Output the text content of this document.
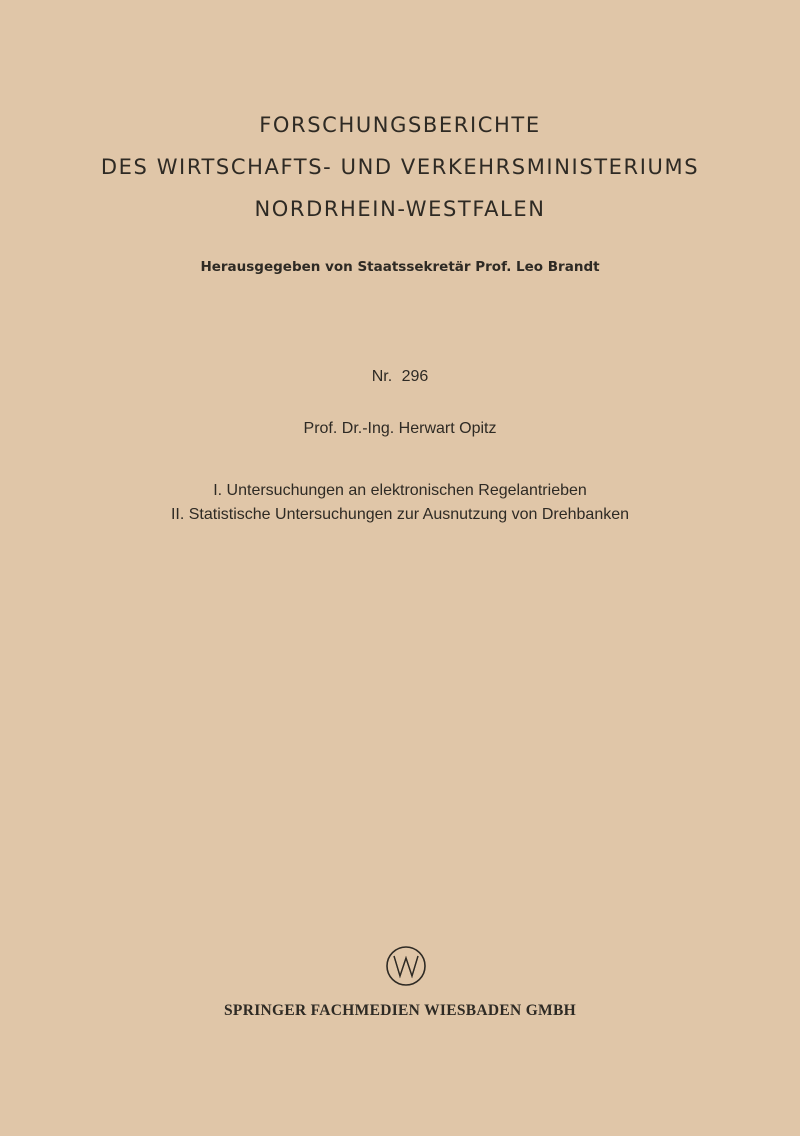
FORSCHUNGSBERICHTE
DES WIRTSCHAFTS- UND VERKEHRSMINISTERIUMS
NORDRHEIN-WESTFALEN
Herausgegeben von Staatssekretär Prof. Leo Brandt
Nr. 296
Prof. Dr.-Ing. Herwart Opitz
I. Untersuchungen an elektronischen Regelantrieben
II. Statistische Untersuchungen zur Ausnutzung von Drehbanken
SPRINGER FACHMEDIEN WIESBADEN GMBH
